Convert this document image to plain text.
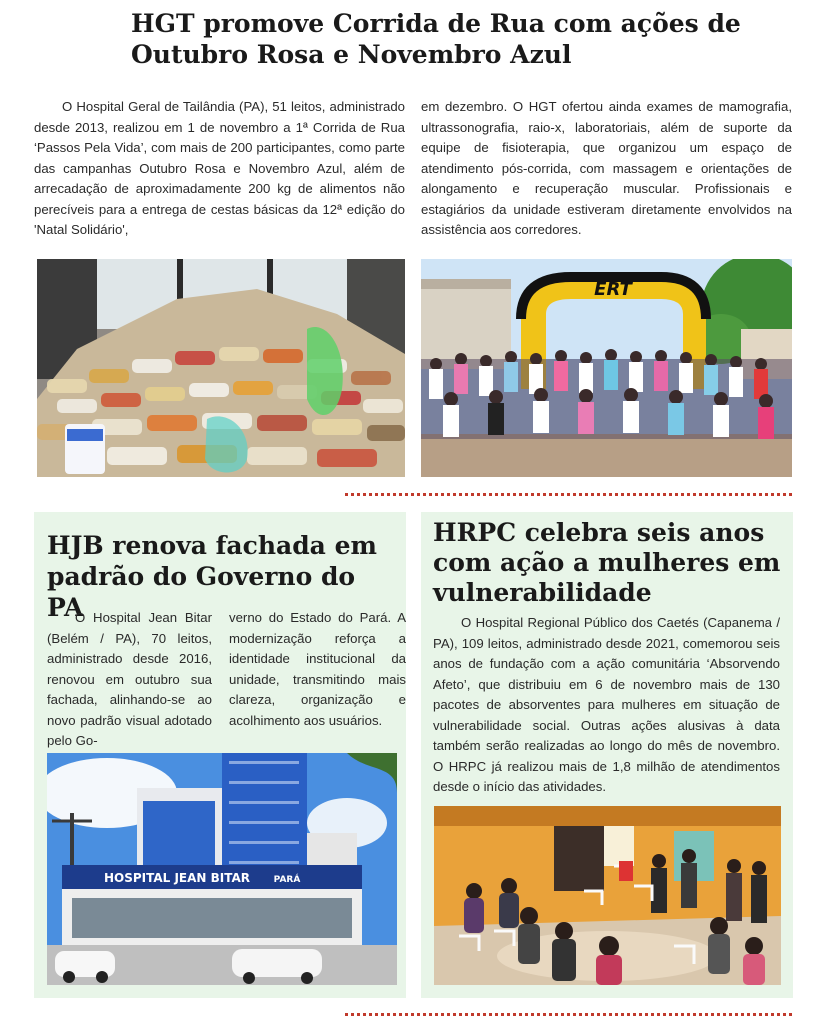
HGT promove Corrida de Rua com ações de
Outubro Rosa e Novembro Azul
O Hospital Geral de Tailândia (PA), 51 leitos, administrado desde 2013, realizou em 1 de novembro a 1ª Corrida de Rua ‘Passos Pela Vida’, com mais de 200 participantes, como parte das campanhas Outubro Rosa e Novembro Azul, além de arrecadação de aproximadamente 200 kg de alimentos não perecíveis para a entrega de cestas básicas da 12ª edição do 'Natal Solidário',
em dezembro. O HGT ofertou ainda exames de mamografia, ultrassonografia, raio-x, laboratoriais, além de suporte da equipe de fisioterapia, que organizou um espaço de atendimento pós-corrida, com massagem e orientações de alongamento e recuperação muscular. Profissionais e estagiários da unidade estiveram diretamente envolvidos na assistência aos corredores.
ERT
HJB renova fachada em
padrão do Governo do PA
O Hospital Jean Bitar (Belém / PA), 70 leitos, administrado desde 2016, renovou em outubro sua fachada, alinhando-se ao novo padrão visual adotado pelo Go-
verno do Estado do Pará. A modernização reforça a identidade institucional da unidade, transmitindo mais clareza, organização e acolhimento aos usuários.
HOSPITAL JEAN BITAR	PARÁ
HRPC celebra seis anos
com ação a mulheres em
vulnerabilidade
O Hospital Regional Público dos Caetés (Capanema / PA), 109 leitos, administrado desde 2021, comemorou seis anos de fundação com a ação comunitária ‘Absorvendo Afeto’, que distribuiu em 6 de novembro mais de 130 pacotes de absorventes para mulheres em situação de vulnerabilidade social. Outras ações alusivas à data também serão realizadas ao longo do mês de novembro. O HRPC já realizou mais de 1,8 milhão de atendimentos desde o início das atividades.
